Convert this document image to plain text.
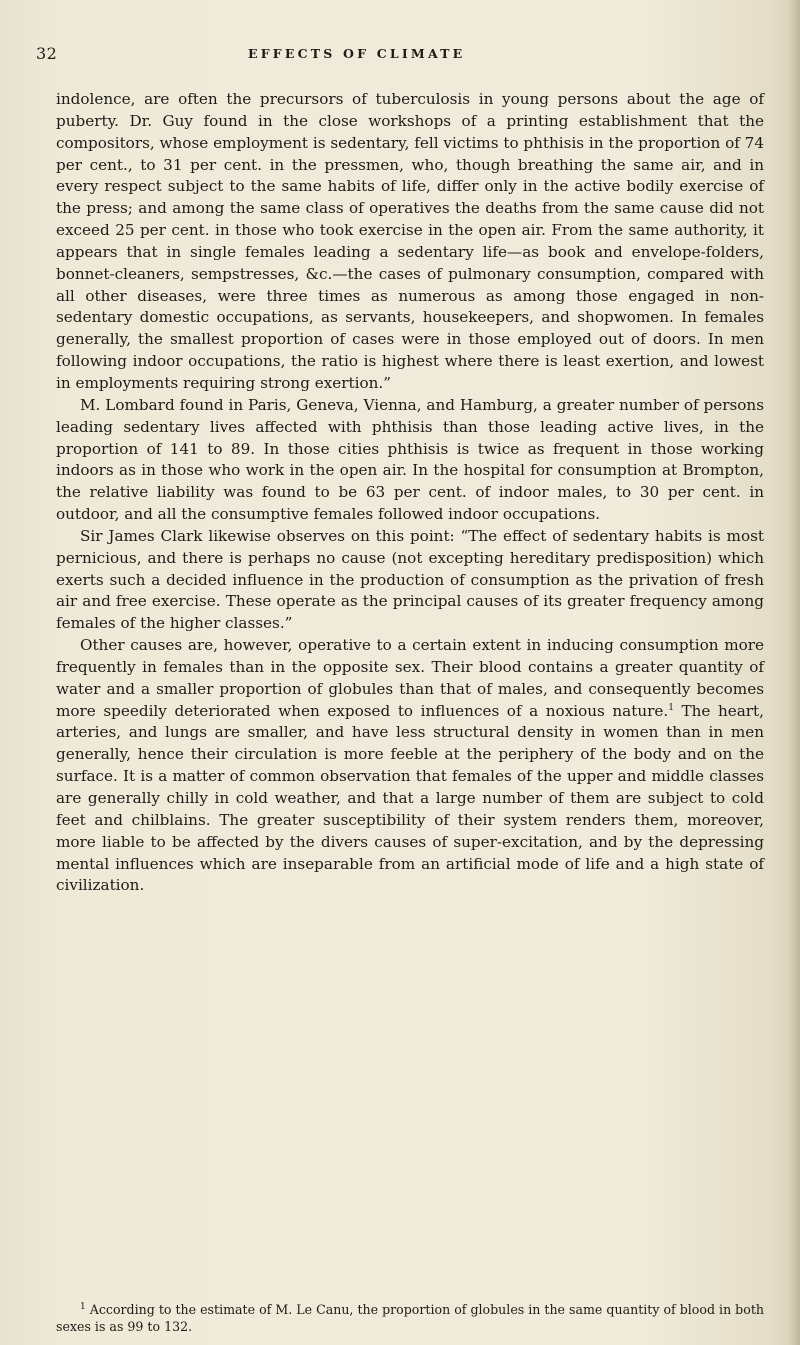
32	EFFECTS OF CLIMATE

indolence, are often the precursors of tuberculosis in young persons about the age of puberty. Dr. Guy found in the close workshops of a printing establishment that the compositors, whose employment is sedentary, fell victims to phthisis in the proportion of 74 per cent., to 31 per cent. in the pressmen, who, though breathing the same air, and in every respect subject to the same habits of life, differ only in the active bodily exercise of the press; and among the same class of operatives the deaths from the same cause did not exceed 25 per cent. in those who took exercise in the open air. From the same authority, it appears that in single females leading a sedentary life—as book and envelope-folders, bonnet-cleaners, sempstresses, &c.—the cases of pulmonary consumption, compared with all other diseases, were three times as numerous as among those engaged in non-sedentary domestic occupations, as servants, housekeepers, and shopwomen. In females generally, the smallest proportion of cases were in those employed out of doors. In men following indoor occupations, the ratio is highest where there is least exertion, and lowest in employments requiring strong exertion.”

M. Lombard found in Paris, Geneva, Vienna, and Hamburg, a greater number of persons leading sedentary lives affected with phthisis than those leading active lives, in the proportion of 141 to 89. In those cities phthisis is twice as frequent in those working indoors as in those who work in the open air. In the hospital for consumption at Brompton, the relative liability was found to be 63 per cent. of indoor males, to 30 per cent. in outdoor, and all the consumptive females followed indoor occupations.

Sir James Clark likewise observes on this point: “The effect of sedentary habits is most pernicious, and there is perhaps no cause (not excepting hereditary predisposition) which exerts such a decided influence in the production of consumption as the privation of fresh air and free exercise. These operate as the principal causes of its greater frequency among females of the higher classes.”

Other causes are, however, operative to a certain extent in inducing consumption more frequently in females than in the opposite sex. Their blood contains a greater quantity of water and a smaller proportion of globules than that of males, and consequently becomes more speedily deteriorated when exposed to influences of a noxious nature.$^1$ The heart, arteries, and lungs are smaller, and have less structural density in women than in men generally, hence their circulation is more feeble at the periphery of the body and on the surface. It is a matter of common observation that females of the upper and middle classes are generally chilly in cold weather, and that a large number of them are subject to cold feet and chilblains. The greater susceptibility of their system renders them, moreover, more liable to be affected by the divers causes of super-excitation, and by the depressing mental influences which are inseparable from an artificial mode of life and a high state of civilization.

$^1$ According to the estimate of M. Le Canu, the proportion of globules in the same quantity of blood in both sexes is as 99 to 132.
